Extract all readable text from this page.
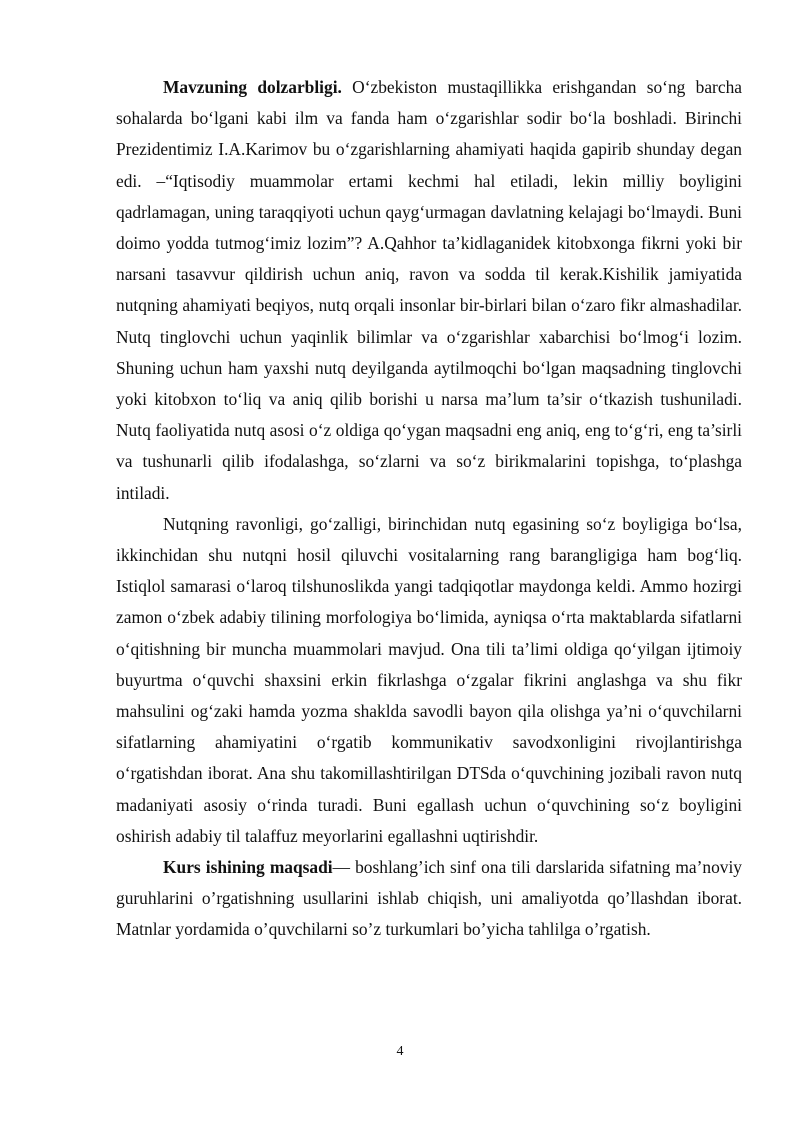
Mavzuning dolzarbligi. O‘zbekiston mustaqillikka erishgandan so‘ng barcha sohalarda bo‘lgani kabi ilm va fanda ham o‘zgarishlar sodir bo‘la boshladi. Birinchi Prezidentimiz I.A.Karimov bu o‘zgarishlarning ahamiyati haqida gapirib shunday degan edi. –“Iqtisodiy muammolar ertami kechmi hal etiladi, lekin milliy boyligini qadrlamagan, uning taraqqiyoti uchun qayg‘urmagan davlatning kelajagi bo‘lmaydi. Buni doimo yodda tutmog‘imiz lozim”? A.Qahhor ta’kidlaganidek kitobxonga fikrni yoki bir narsani tasavvur qildirish uchun aniq, ravon va sodda til kerak.Kishilik jamiyatida nutqning ahamiyati beqiyos, nutq orqali insonlar bir-birlari bilan o‘zaro fikr almashadilar. Nutq tinglovchi uchun yaqinlik bilimlar va o‘zgarishlar xabarchisi bo‘lmog‘i lozim. Shuning uchun ham yaxshi nutq deyilganda aytilmoqchi bo‘lgan maqsadning tinglovchi yoki kitobxon to‘liq va aniq qilib borishi u narsa ma’lum ta’sir o‘tkazish tushuniladi. Nutq faoliyatida nutq asosi o‘z oldiga qo‘ygan maqsadni eng aniq, eng to‘g‘ri, eng ta’sirli va tushunarli qilib ifodalashga, so‘zlarni va so‘z birikmalarini topishga, to‘plashga intiladi.

Nutqning ravonligi, go‘zalligi, birinchidan nutq egasining so‘z boyligiga bo‘lsa, ikkinchidan shu nutqni hosil qiluvchi vositalarning rang barangligiga ham bog‘liq. Istiqlol samarasi o‘laroq tilshunoslikda yangi tadqiqotlar maydonga keldi. Ammo hozirgi zamon o‘zbek adabiy tilining morfologiya bo‘limida, ayniqsa o‘rta maktablarda sifatlarni o‘qitishning bir muncha muammolari mavjud. Ona tili ta’limi oldiga qo‘yilgan ijtimoiy buyurtma o‘quvchi shaxsini erkin fikrlashga o‘zgalar fikrini anglashga va shu fikr mahsulini og‘zaki hamda yozma shaklda savodli bayon qila olishga ya’ni o‘quvchilarni sifatlarning ahamiyatini o‘rgatib kommunikativ savodxonligini rivojlantirishga o‘rgatishdan iborat. Ana shu takomillashtirilgan DTSda o‘quvchining jozibali ravon nutq madaniyati asosiy o‘rinda turadi. Buni egallash uchun o‘quvchining so‘z boyligini oshirish adabiy til talaffuz meyorlarini egallashni uqtirishdir.

Kurs ishining maqsadi— boshlang’ich sinf ona tili darslarida sifatning ma’noviy guruhlarini o’rgatishning usullarini ishlab chiqish, uni amaliyotda qo’llashdan iborat. Matnlar yordamida o’quvchilarni so’z turkumlari bo’yicha tahlilga o’rgatish.

4
